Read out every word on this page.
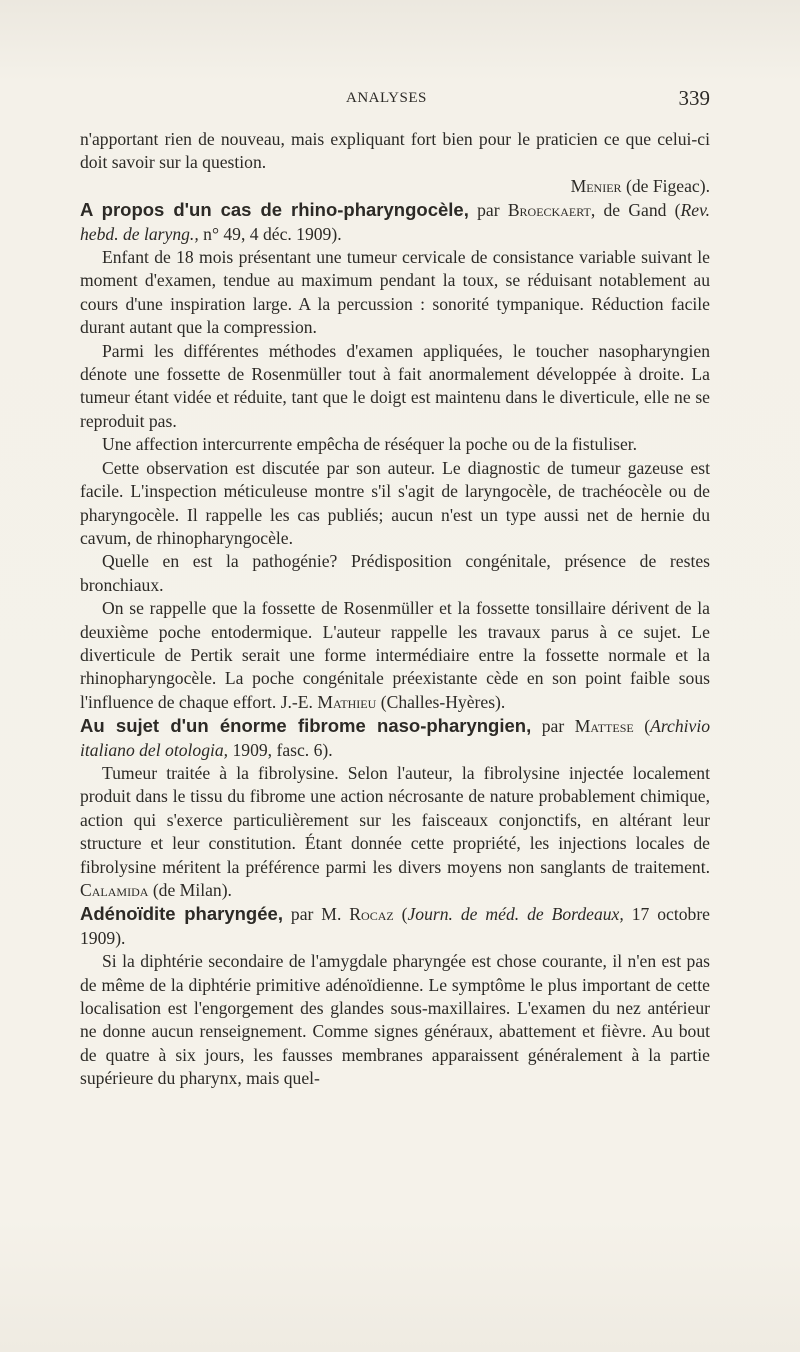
ANALYSES	339

n'apportant rien de nouveau, mais expliquant fort bien pour le praticien ce que celui-ci doit savoir sur la question.

Menier (de Figeac).

A propos d'un cas de rhino-pharyngocèle, par Broeckaert, de Gand (Rev. hebd. de laryng., n° 49, 4 déc. 1909).

Enfant de 18 mois présentant une tumeur cervicale de consistance variable suivant le moment d'examen, tendue au maximum pendant la toux, se réduisant notablement au cours d'une inspiration large. A la percussion : sonorité tympanique. Réduction facile durant autant que la compression.

Parmi les différentes méthodes d'examen appliquées, le toucher nasopharyngien dénote une fossette de Rosenmüller tout à fait anormalement développée à droite. La tumeur étant vidée et réduite, tant que le doigt est maintenu dans le diverticule, elle ne se reproduit pas.

Une affection intercurrente empêcha de réséquer la poche ou de la fistuliser.

Cette observation est discutée par son auteur. Le diagnostic de tumeur gazeuse est facile. L'inspection méticuleuse montre s'il s'agit de laryngocèle, de trachéocèle ou de pharyngocèle. Il rappelle les cas publiés; aucun n'est un type aussi net de hernie du cavum, de rhinopharyngocèle.

Quelle en est la pathogénie? Prédisposition congénitale, présence de restes bronchiaux.

On se rappelle que la fossette de Rosenmüller et la fossette tonsillaire dérivent de la deuxième poche entodermique. L'auteur rappelle les travaux parus à ce sujet. Le diverticule de Pertik serait une forme intermédiaire entre la fossette normale et la rhinopharyngocèle. La poche congénitale préexistante cède en son point faible sous l'influence de chaque effort. J.-E. Mathieu (Challes-Hyères).

Au sujet d'un énorme fibrome naso-pharyngien, par Mattese (Archivio italiano del otologia, 1909, fasc. 6).

Tumeur traitée à la fibrolysine. Selon l'auteur, la fibrolysine injectée localement produit dans le tissu du fibrome une action nécrosante de nature probablement chimique, action qui s'exerce particulièrement sur les faisceaux conjonctifs, en altérant leur structure et leur constitution. Étant donnée cette propriété, les injections locales de fibrolysine méritent la préférence parmi les divers moyens non sanglants de traitement. Calamida (de Milan).

Adénoïdite pharyngée, par M. Rocaz (Journ. de méd. de Bordeaux, 17 octobre 1909).

Si la diphtérie secondaire de l'amygdale pharyngée est chose courante, il n'en est pas de même de la diphtérie primitive adénoïdienne. Le symptôme le plus important de cette localisation est l'engorgement des glandes sous-maxillaires. L'examen du nez antérieur ne donne aucun renseignement. Comme signes généraux, abattement et fièvre. Au bout de quatre à six jours, les fausses membranes apparaissent généralement à la partie supérieure du pharynx, mais quel-
